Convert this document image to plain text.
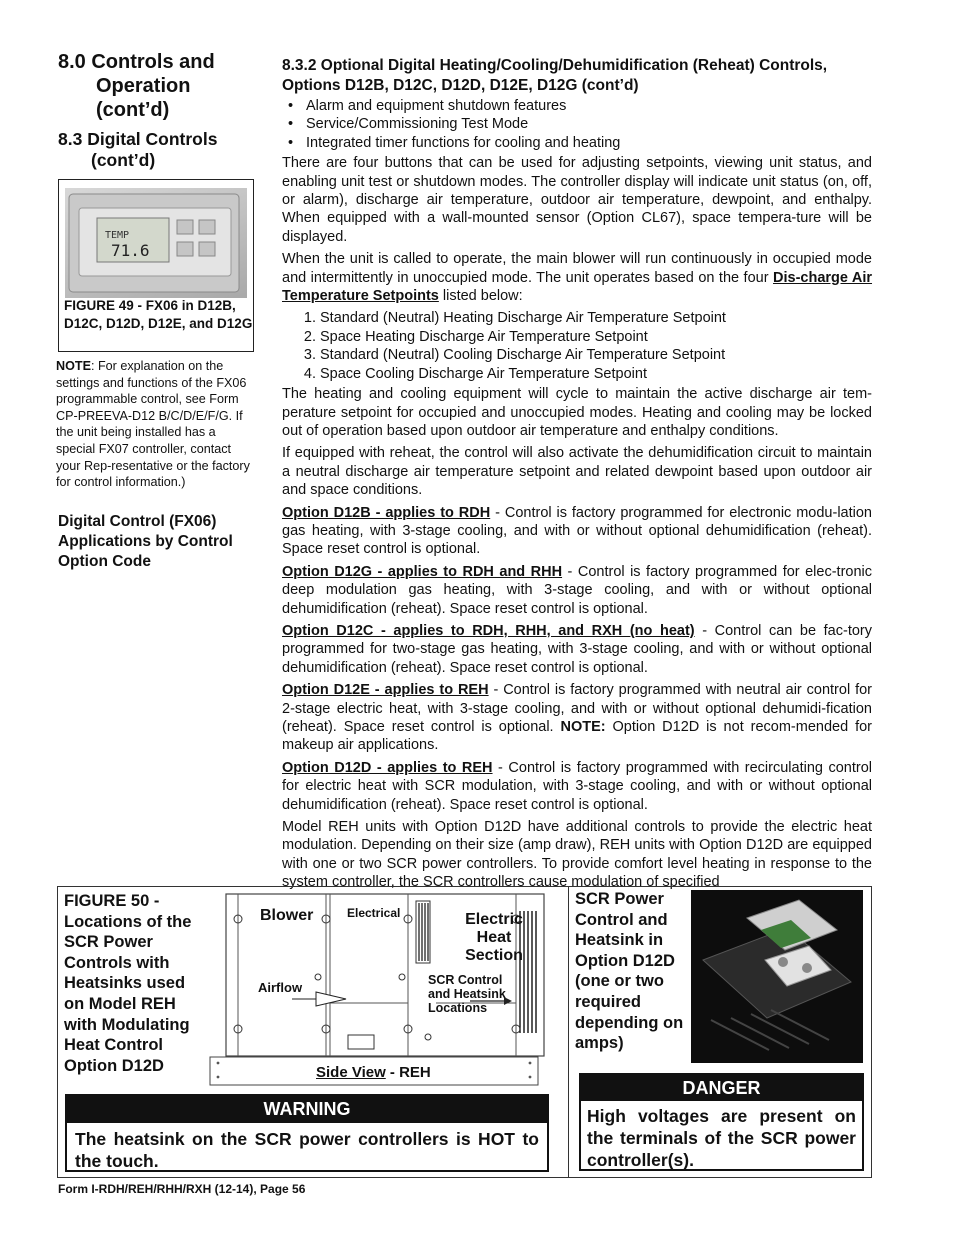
8.0 Controls and
Operation
(cont’d)
8.3 Digital Controls
(cont’d)
TEMP
71.6
FIGURE 49 - FX06 in D12B, D12C, D12D, D12E, and D12G
NOTE: For explanation on the settings and functions of the FX06 programmable control, see Form CP-PREEVA-D12 B/C/D/E/F/G. If the unit being installed has a special FX07 controller, contact your Rep-resentative or the factory for control information.)
Digital Control (FX06) Applications by Control Option Code
8.3.2 Optional Digital Heating/Cooling/Dehumidification (Reheat) Controls, Options D12B, D12C, D12D, D12E, D12G (cont’d)
• Alarm and equipment shutdown features
• Service/Commissioning Test Mode
• Integrated timer functions for cooling and heating

There are four buttons that can be used for adjusting setpoints, viewing unit status, and enabling unit test or shutdown modes. The controller display will indicate unit status (on, off, or alarm), discharge air temperature, outdoor air temperature, dewpoint, and enthalpy. When equipped with a wall-mounted sensor (Option CL67), space tempera-ture will be displayed.

When the unit is called to operate, the main blower will run continuously in occupied mode and intermittently in unoccupied mode. The unit operates based on the four Dis-charge Air Temperature Setpoints listed below:

1. Standard (Neutral) Heating Discharge Air Temperature Setpoint
2. Space Heating Discharge Air Temperature Setpoint
3. Standard (Neutral) Cooling Discharge Air Temperature Setpoint
4. Space Cooling Discharge Air Temperature Setpoint

The heating and cooling equipment will cycle to maintain the active discharge air tem-perature setpoint for occupied and unoccupied modes. Heating and cooling may be locked out of operation based upon outdoor air temperature and enthalpy conditions.

If equipped with reheat, the control will also activate the dehumidification circuit to maintain a neutral discharge air temperature setpoint and related dewpoint based upon outdoor air and space conditions.

Option D12B - applies to RDH - Control is factory programmed for electronic modu-lation gas heating, with 3-stage cooling, and with or without optional dehumidification (reheat). Space reset control is optional.

Option D12G - applies to RDH and RHH - Control is factory programmed for elec-tronic deep modulation gas heating, with 3-stage cooling, and with or without optional dehumidification (reheat). Space reset control is optional.

Option D12C - applies to RDH, RHH, and RXH (no heat) - Control can be fac-tory programmed for two-stage gas heating, with 3-stage cooling, and with or without optional dehumidification (reheat). Space reset control is optional.

Option D12E - applies to REH - Control is factory programmed with neutral air control for 2-stage electric heat, with 3-stage cooling, and with or without optional dehumidi-fication (reheat). Space reset control is optional. NOTE: Option D12D is not recom-mended for makeup air applications.

Option D12D - applies to REH - Control is factory programmed with recirculating control for electric heat with SCR modulation, with 3-stage cooling, and with or without optional dehumidification (reheat). Space reset control is optional.

Model REH units with Option D12D have additional controls to provide the electric heat modulation. Depending on their size (amp draw), REH units with Option D12D are equipped with one or two SCR power controllers. To provide comfort level heating in response to the system controller, the SCR controllers cause modulation of specified

FIGURE 50 - Locations of the SCR Power Controls with Heatsinks used on Model REH with Modulating Heat Control Option D12D
Blower	Electrical	Electric
Heat
Section
Airflow	SCR Control
and Heatsink
Locations
Side View - REH
SCR Power Control and Heatsink in Option D12D (one or two required depending on amps)
WARNING
The heatsink on the SCR power controllers is HOT to the touch.
DANGER
High voltages are present on the terminals of the SCR power controller(s).
Form I-RDH/REH/RHH/RXH (12-14), Page 56
